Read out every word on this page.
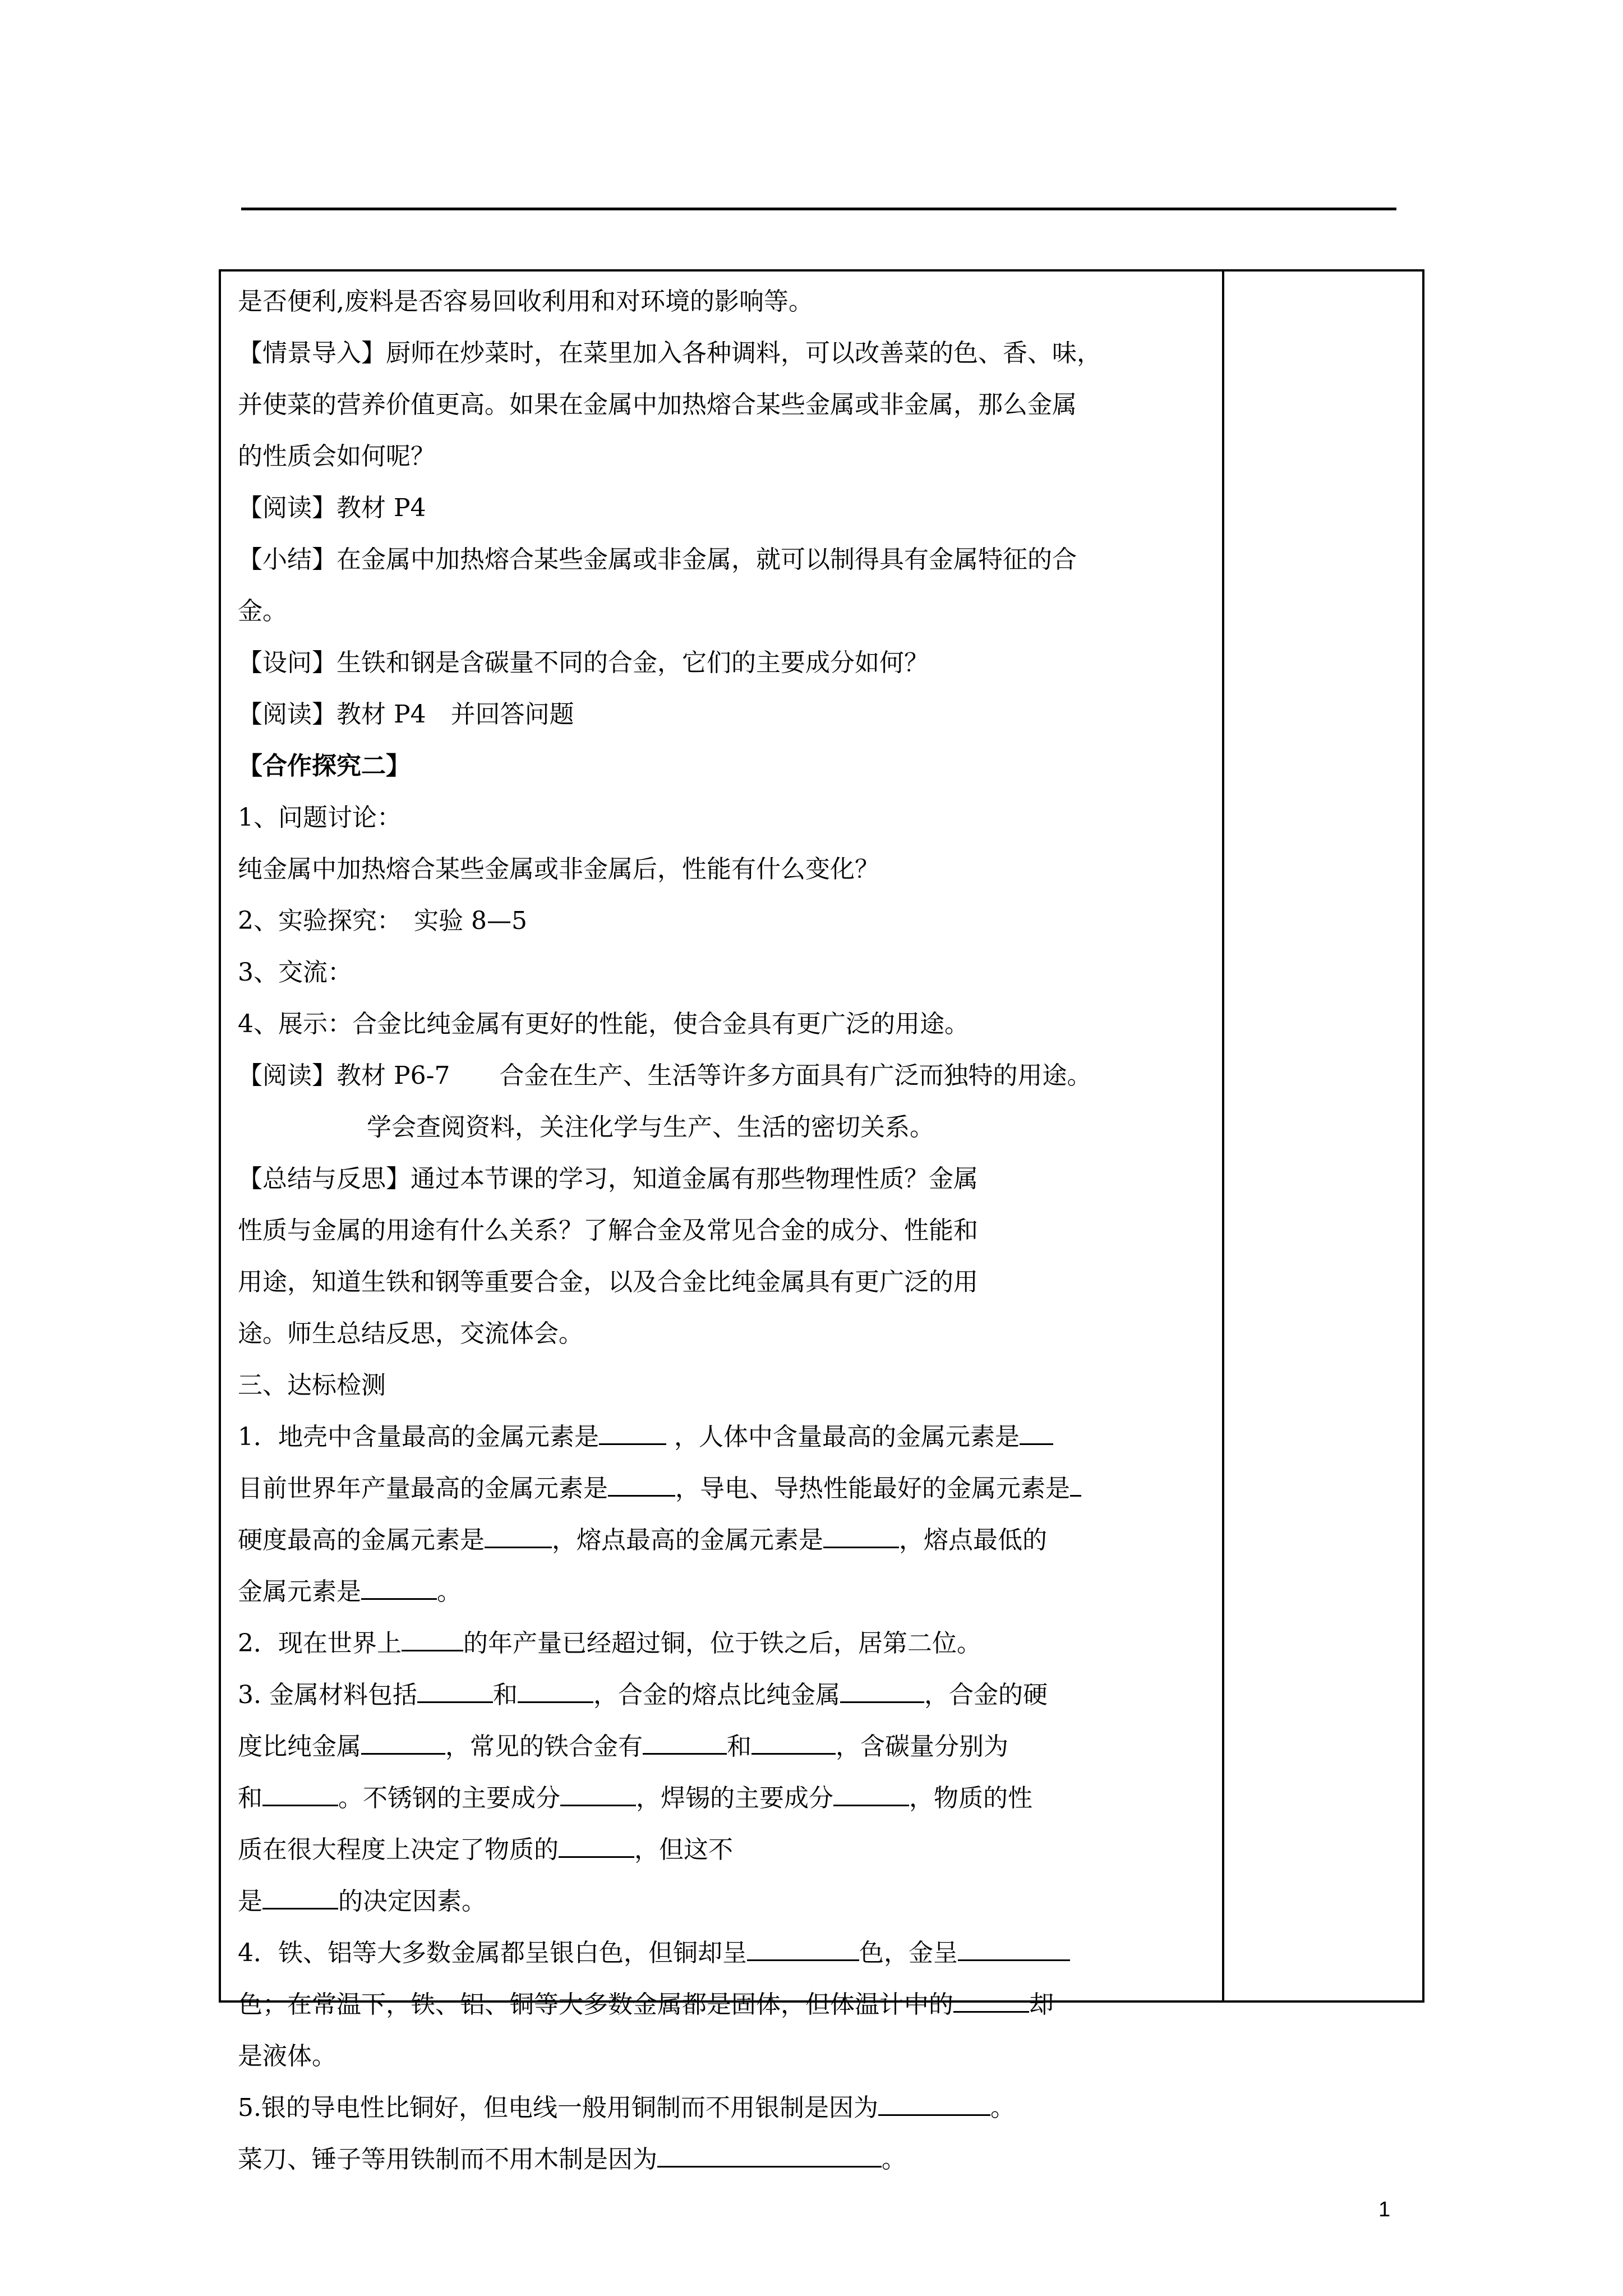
是否便利,废料是否容易回收利用和对环境的影响等。
【情景导入】厨师在炒菜时，在菜里加入各种调料，可以改善菜的色、香、味，
并使菜的营养价值更高。如果在金属中加热熔合某些金属或非金属，那么金属
的性质会如何呢？
【阅读】教材 P4
【小结】在金属中加热熔合某些金属或非金属，就可以制得具有金属特征的合
金。
【设问】生铁和钢是含碳量不同的合金，它们的主要成分如何？
【阅读】教材 P4　并回答问题
【合作探究二】
1、问题讨论：
纯金属中加热熔合某些金属或非金属后，性能有什么变化？
2、实验探究：　实验 8—5
3、交流：
4、展示：合金比纯金属有更好的性能，使合金具有更广泛的用途。
【阅读】教材 P6-7　　合金在生产、生活等许多方面具有广泛而独特的用途。
学会查阅资料，关注化学与生产、生活的密切关系。
【总结与反思】通过本节课的学习，知道金属有那些物理性质？金属
性质与金属的用途有什么关系？了解合金及常见合金的成分、性能和
用途，知道生铁和钢等重要合金，以及合金比纯金属具有更广泛的用
途。师生总结反思，交流体会。
三、达标检测
1．地壳中含量最高的金属元素是	，人体中含量最高的金属元素是
目前世界年产量最高的金属元素是	，导电、导热性能最好的金属元素是
硬度最高的金属元素是	，熔点最高的金属元素是	，熔点最低的
金属元素是	。
2．现在世界上	的年产量已经超过铜，位于铁之后，居第二位。
3. 金属材料包括	和	，合金的熔点比纯金属	，合金的硬
度比纯金属	，常见的铁合金有	和	，含碳量分别为
和	。不锈钢的主要成分	，焊锡的主要成分	，物质的性
质在很大程度上决定了物质的	，但这不
是	的决定因素。
4．铁、铝等大多数金属都呈银白色，但铜却呈	色，金呈
色；在常温下，铁、铝、铜等大多数金属都是固体，但体温计中的	却
是液体。
5.银的导电性比铜好，但电线一般用铜制而不用银制是因为	。
菜刀、锤子等用铁制而不用木制是因为	。
1
